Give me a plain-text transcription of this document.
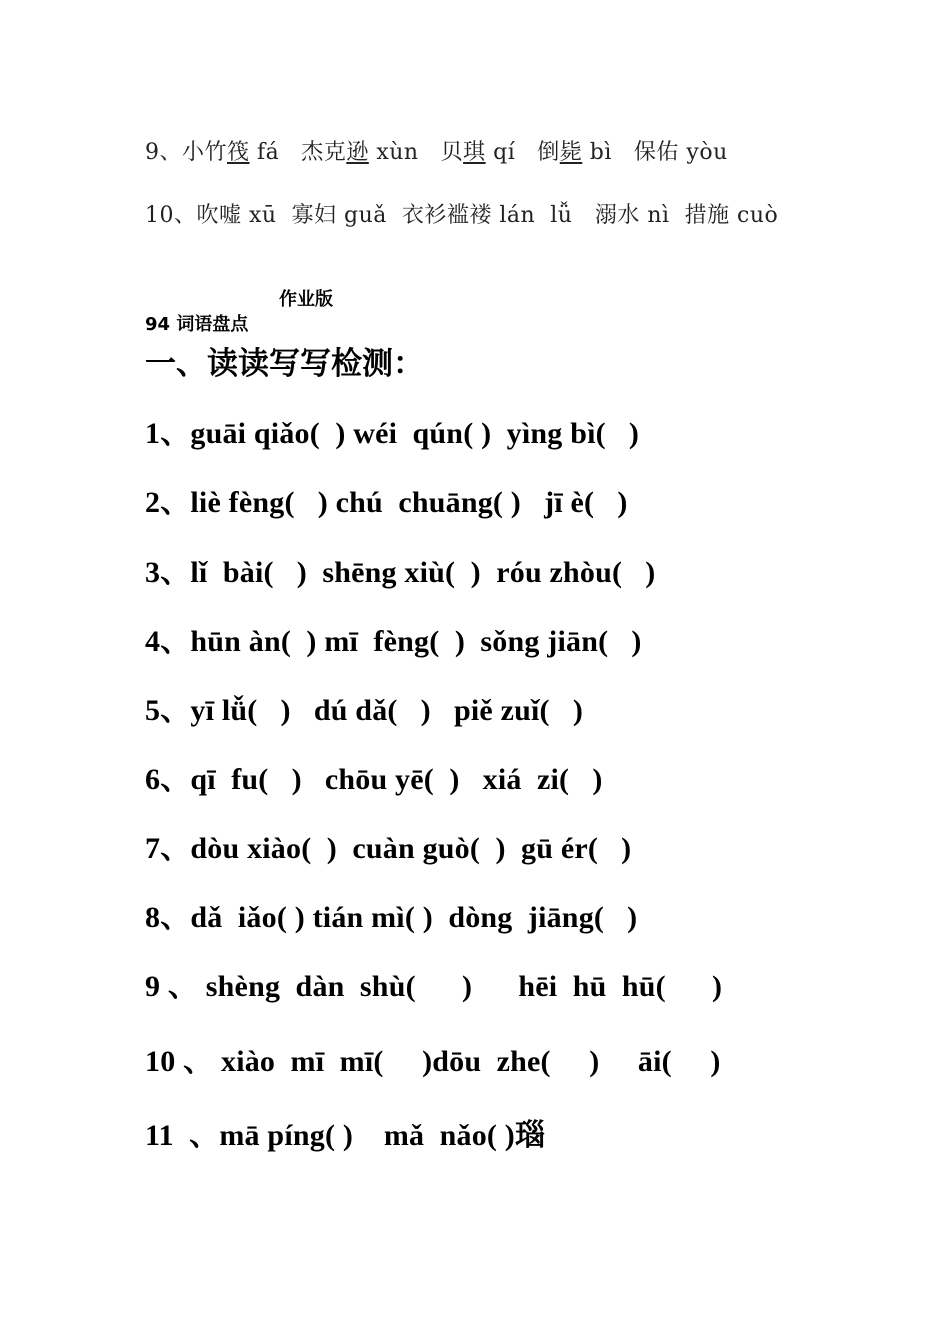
9、小竹筏 fá 杰克逊 xùn 贝琪 qí 倒毙 bì 保佑 yòu
10、吹嘘 xū  寡妇 guǎ  衣衫褴褛 lán  lǚ   溺水 nì  措施 cuò
作业版
94 词语盘点
一、读读写写检测：
1、guāi qiǎo(  ) wéi  qún( )  yìng bì(   )
2、liè fèng(   ) chú  chuāng( )   jī è(   )
3、lǐ  bài(   )  shēng xiù(  )  róu zhòu(   )
4、hūn àn(  ) mī  fèng(  )  sǒng jiān(   )
5、yī lǚ(   )   dú dǎ(   )   piě zuǐ(   )
6、qī  fu(   )   chōu yē(  )   xiá  zi(   )
7、dòu xiào(  )  cuàn guò(  )  gū ér(   )
8、dǎ  iǎo( ) tián mì( )  dòng  jiāng(   )
9 、 shèng  dàn  shù(      )      hēi  hū  hū(      )
10 、 xiào  mī  mī(     )dōu  zhe(     )     āi(     )
11  、mā píng( )    mǎ  nǎo( )瑙
